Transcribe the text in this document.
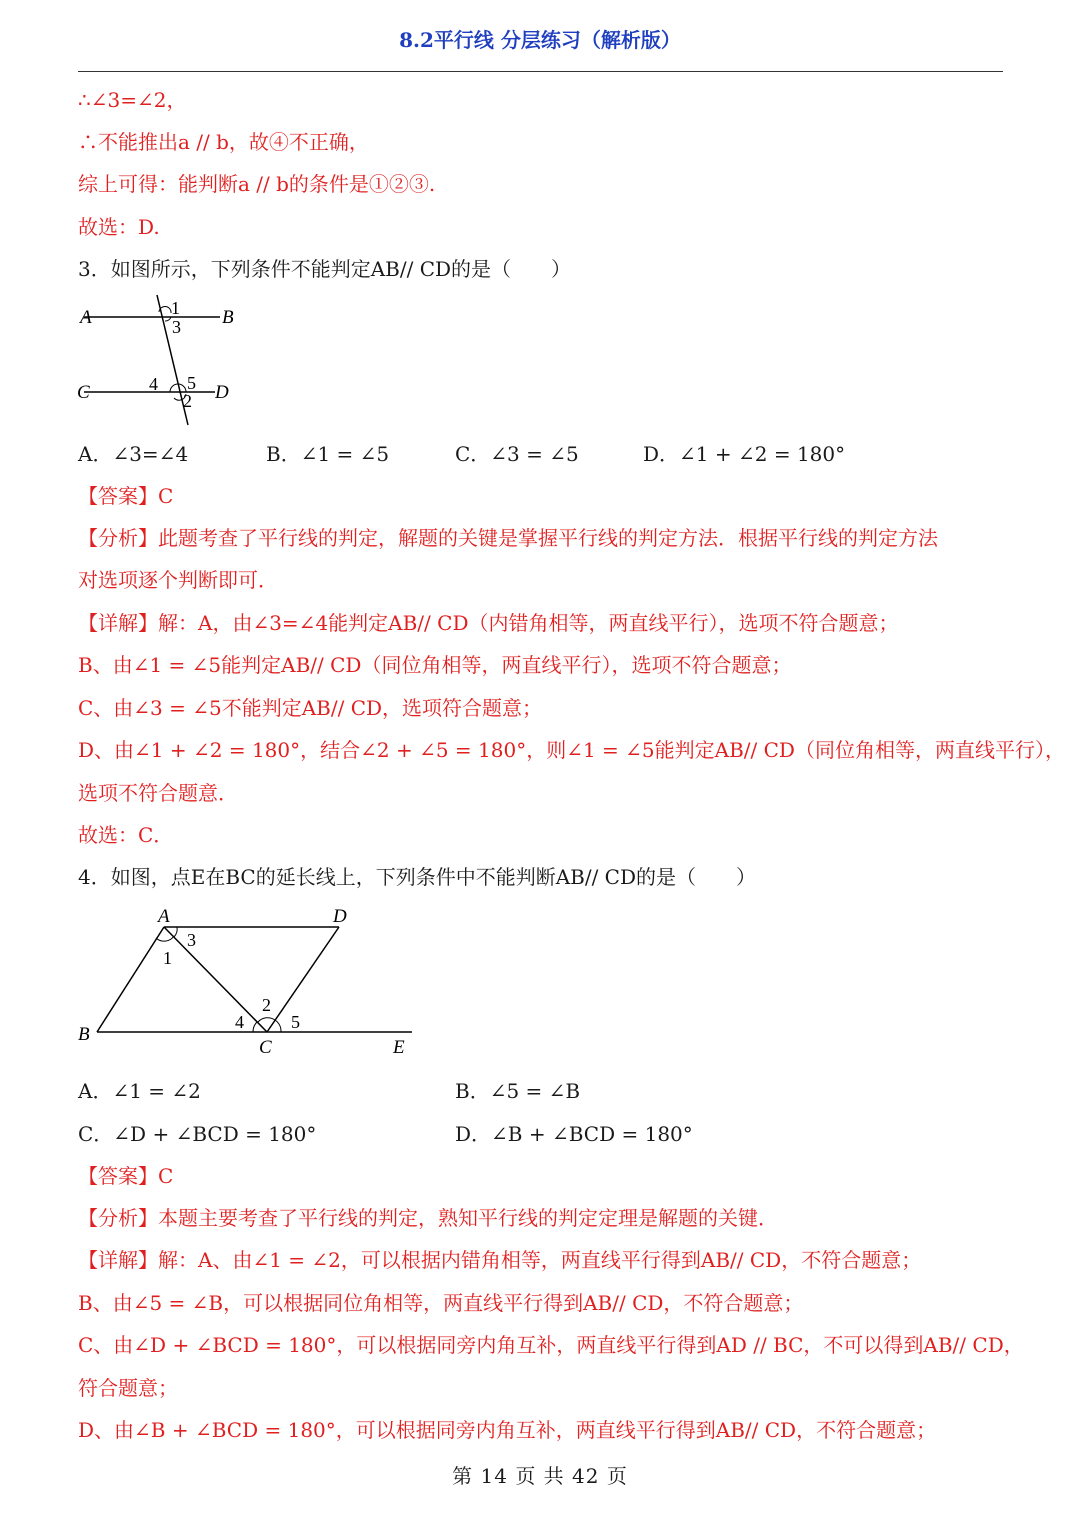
8.2平行线 分层练习（解析版）
∴∠3=∠2，
∴不能推出a // b，故④不正确，
综上可得：能判断a // b的条件是①②③.
故选：D.
3．如图所示，下列条件不能判定AB// CD的是（　　）
A	B
C	D
1
3
4 5
2
A．∠3=∠4	B．∠1 = ∠5	C．∠3 = ∠5	D．∠1 + ∠2 = 180°
【答案】C
【分析】此题考查了平行线的判定，解题的关键是掌握平行线的判定方法．根据平行线的判定方法
对选项逐个判断即可．
【详解】解：A，由∠3=∠4能判定AB// CD（内错角相等，两直线平行），选项不符合题意；
B、由∠1 = ∠5能判定AB// CD（同位角相等，两直线平行），选项不符合题意；
C、由∠3 = ∠5不能判定AB// CD，选项符合题意；
D、由∠1 + ∠2 = 180°，结合∠2 + ∠5 = 180°，则∠1 = ∠5能判定AB// CD（同位角相等，两直线平行），
选项不符合题意．
故选：C．
4．如图，点E在BC的延长线上，下列条件中不能判断AB// CD的是（　　）
A	D
B
C	E
3
1
2
4	5
A．∠1 = ∠2	B．∠5 = ∠B
C．∠D + ∠BCD = 180°	D．∠B + ∠BCD = 180°
【答案】C
【分析】本题主要考查了平行线的判定，熟知平行线的判定定理是解题的关键．
【详解】解：A、由∠1 = ∠2，可以根据内错角相等，两直线平行得到AB// CD，不符合题意；
B、由∠5 = ∠B，可以根据同位角相等，两直线平行得到AB// CD，不符合题意；
C、由∠D + ∠BCD = 180°，可以根据同旁内角互补，两直线平行得到AD // BC，不可以得到AB// CD，
符合题意；
D、由∠B + ∠BCD = 180°，可以根据同旁内角互补，两直线平行得到AB// CD，不符合题意；
第 14 页 共 42 页
